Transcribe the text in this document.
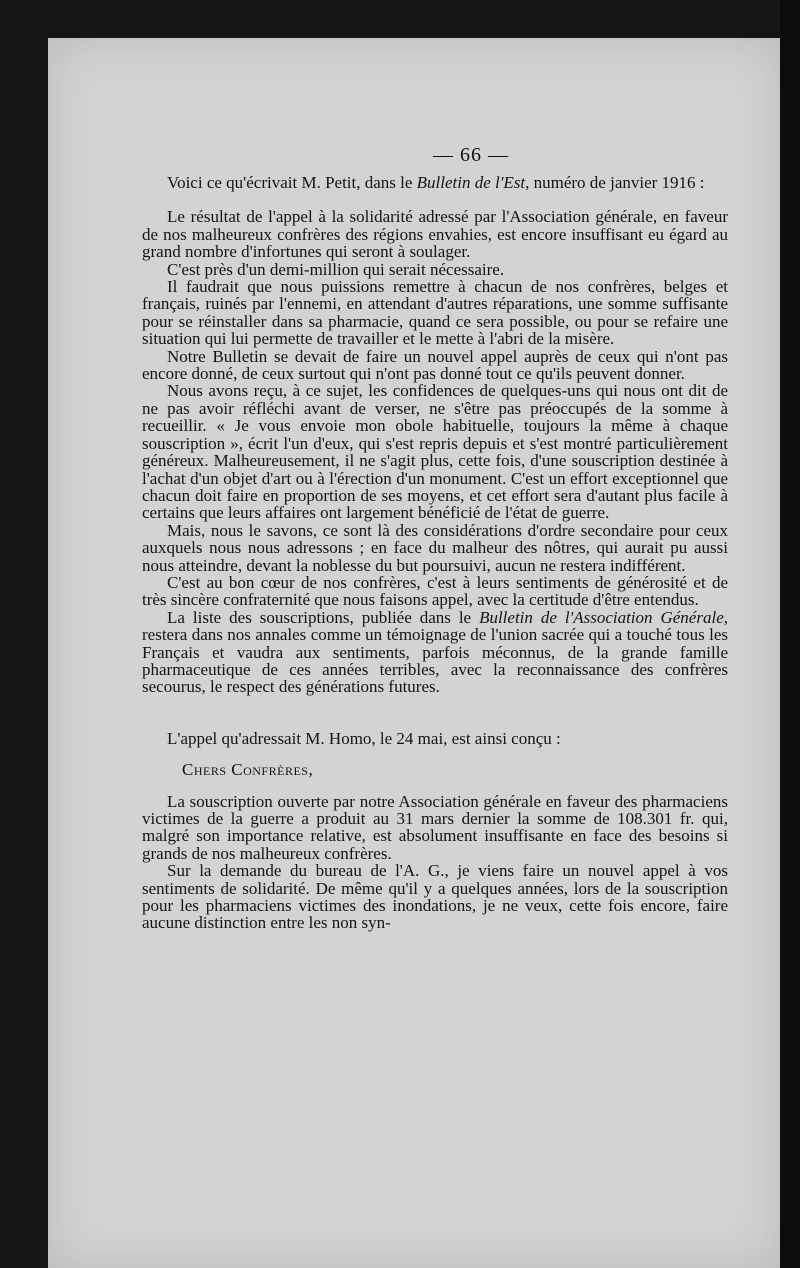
— 66 —

Voici ce qu'écrivait M. Petit, dans le Bulletin de l'Est, numéro de janvier 1916 :

Le résultat de l'appel à la solidarité adressé par l'Association générale, en faveur de nos malheureux confrères des régions envahies, est encore insuffisant eu égard au grand nombre d'infortunes qui seront à soulager.

C'est près d'un demi-million qui serait nécessaire.

Il faudrait que nous puissions remettre à chacun de nos confrères, belges et français, ruinés par l'ennemi, en attendant d'autres réparations, une somme suffisante pour se réinstaller dans sa pharmacie, quand ce sera possible, ou pour se refaire une situation qui lui permette de travailler et le mette à l'abri de la misère.

Notre Bulletin se devait de faire un nouvel appel auprès de ceux qui n'ont pas encore donné, de ceux surtout qui n'ont pas donné tout ce qu'ils peuvent donner.

Nous avons reçu, à ce sujet, les confidences de quelques-uns qui nous ont dit de ne pas avoir réfléchi avant de verser, ne s'être pas préoccupés de la somme à recueillir. « Je vous envoie mon obole habituelle, toujours la même à chaque souscription », écrit l'un d'eux, qui s'est repris depuis et s'est montré particulièrement généreux. Malheureusement, il ne s'agit plus, cette fois, d'une souscription destinée à l'achat d'un objet d'art ou à l'érection d'un monument. C'est un effort exceptionnel que chacun doit faire en proportion de ses moyens, et cet effort sera d'autant plus facile à certains que leurs affaires ont largement bénéficié de l'état de guerre.

Mais, nous le savons, ce sont là des considérations d'ordre secondaire pour ceux auxquels nous nous adressons ; en face du malheur des nôtres, qui aurait pu aussi nous atteindre, devant la noblesse du but poursuivi, aucun ne restera indifférent.

C'est au bon cœur de nos confrères, c'est à leurs sentiments de générosité et de très sincère confraternité que nous faisons appel, avec la certitude d'être entendus.

La liste des souscriptions, publiée dans le Bulletin de l'Association Générale, restera dans nos annales comme un témoignage de l'union sacrée qui a touché tous les Français et vaudra aux sentiments, parfois méconnus, de la grande famille pharmaceutique de ces années terribles, avec la reconnaissance des confrères secourus, le respect des générations futures.

L'appel qu'adressait M. Homo, le 24 mai, est ainsi conçu :

Chers Confrères,

La souscription ouverte par notre Association générale en faveur des pharmaciens victimes de la guerre a produit au 31 mars dernier la somme de 108.301 fr. qui, malgré son importance relative, est absolument insuffisante en face des besoins si grands de nos malheureux confrères.

Sur la demande du bureau de l'A. G., je viens faire un nouvel appel à vos sentiments de solidarité. De même qu'il y a quelques années, lors de la souscription pour les pharmaciens victimes des inondations, je ne veux, cette fois encore, faire aucune distinction entre les non syn-
